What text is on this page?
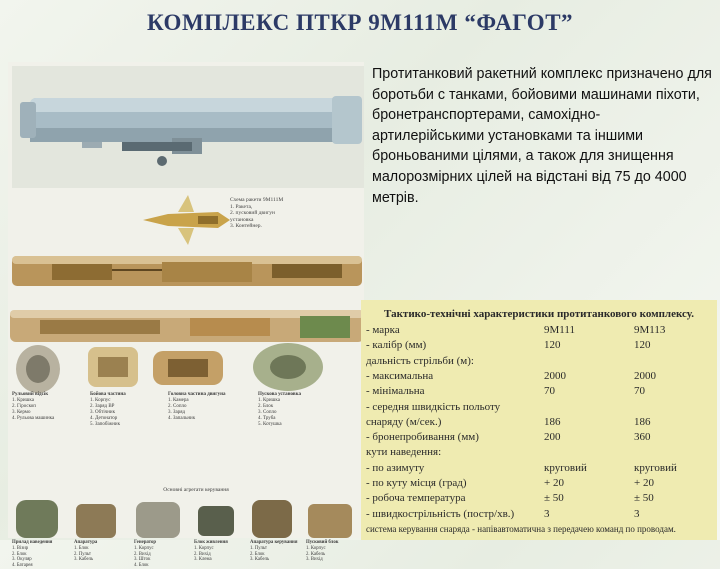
КОМПЛЕКС ПТКР 9М111М “ФАГОТ”
Схема ракети 9М111М
1. Ракета,
2. пусковий двигун
установка
3. Контейнер.
Рульовий відсік
1. Кришка
2. Гіроскоп
3. Кермо
4. Рульова машинка
Бойова частина
1. Корпус
2. Заряд ВР
3. Обтічник
4. Детонатор
5. Запобіжник
Головна частина двигуна
1. Камера
2. Сопло
3. Заряд
4. Запальник
Пускова установка
1. Кришка
2. Блок
3. Сопло
4. Труба
5. Котушка
Основні агрегати керування
Прилад наведення
1. Візир
2. Блок
3. Окуляр
4. Батарея
Апаратура
1. Блок
2. Пульт
3. Кабель
Генератор
1. Корпус
2. Вихід
3. Шток
4. Блок
Блок живлення
1. Корпус
2. Вихід
3. Клема
Апаратура керування
1. Пульт
2. Блок
3. Кабель
Пусковий блок
1. Корпус
2. Кабель
3. Вихід
Протитанковий ракетний комплекс призначено для боротьби с танками, бойовими машинами піхоти, бронетранспортерами, самохідно-артилерійськими установками та іншими броньованими цілями, а також для знищення малорозмірних цілей на відстані від 75 до 4000 метрів.
Тактико-технічні характеристики протитанкового комплексу.
- марка	9М111	9М113
- калібр (мм)	120	120
дальність стрільби (м):
- максимальна	2000	2000
- мінімальна	70	70
- середня швидкість польоту
снаряду (м/сек.)	186	186
- бронепробивання (мм)	200	360
кути наведення:
- по азимуту	круговий	круговий
- по куту місця (град)	+ 20	+ 20
- робоча температура	± 50	± 50
- швидкострільність (постр/хв.)	3	3
система керування снаряда - напівавтоматична з передачею команд по проводам.
